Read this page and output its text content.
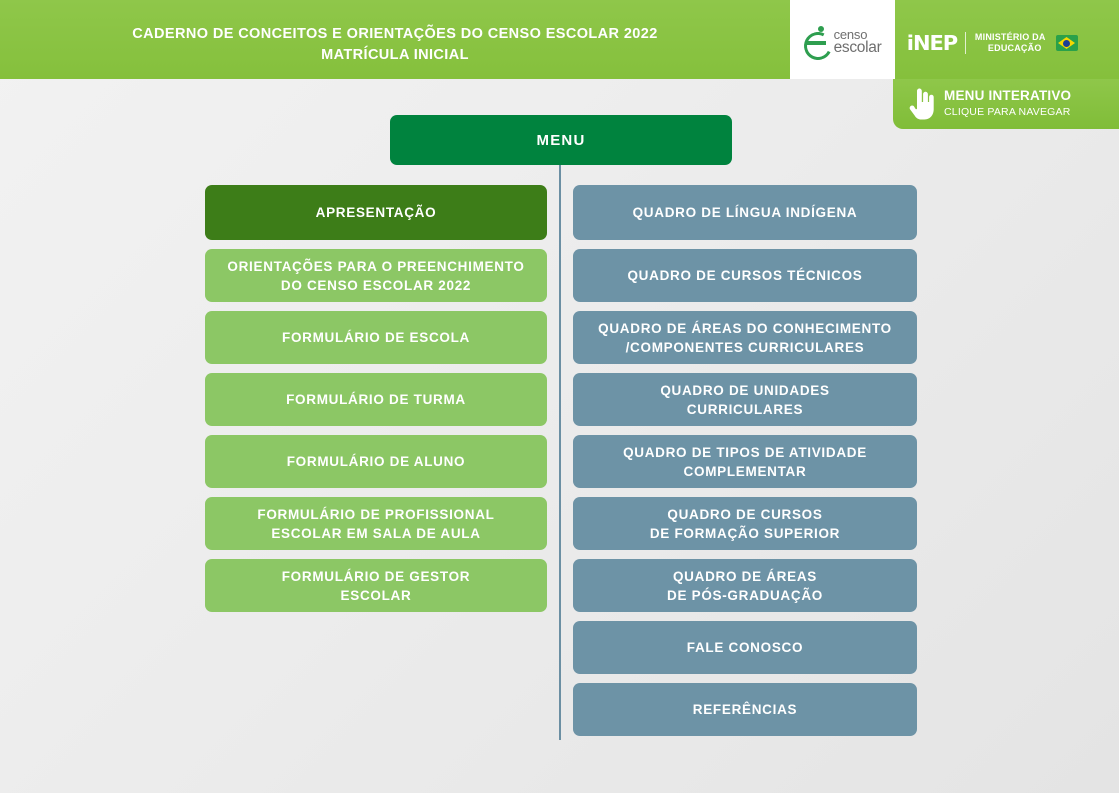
CADERNO DE CONCEITOS E ORIENTAÇÕES DO CENSO ESCOLAR 2022
MATRÍCULA INICIAL
censo
escolar iNEP MINISTÉRIO DA
EDUCAÇÃO
MENU INTERATIVO
CLIQUE PARA NAVEGAR
MENU
APRESENTAÇÃO
ORIENTAÇÕES PARA O PREENCHIMENTO
DO CENSO ESCOLAR 2022
FORMULÁRIO DE ESCOLA
FORMULÁRIO DE TURMA
FORMULÁRIO DE ALUNO
FORMULÁRIO DE PROFISSIONAL
ESCOLAR EM SALA DE AULA
FORMULÁRIO DE GESTOR
ESCOLAR
QUADRO DE LÍNGUA INDÍGENA
QUADRO DE CURSOS TÉCNICOS
QUADRO DE ÁREAS DO CONHECIMENTO
/COMPONENTES CURRICULARES
QUADRO DE UNIDADES
CURRICULARES
QUADRO DE TIPOS DE ATIVIDADE
COMPLEMENTAR
QUADRO DE CURSOS
DE FORMAÇÃO SUPERIOR
QUADRO DE ÁREAS
DE PÓS-GRADUAÇÃO
FALE CONOSCO
REFERÊNCIAS
